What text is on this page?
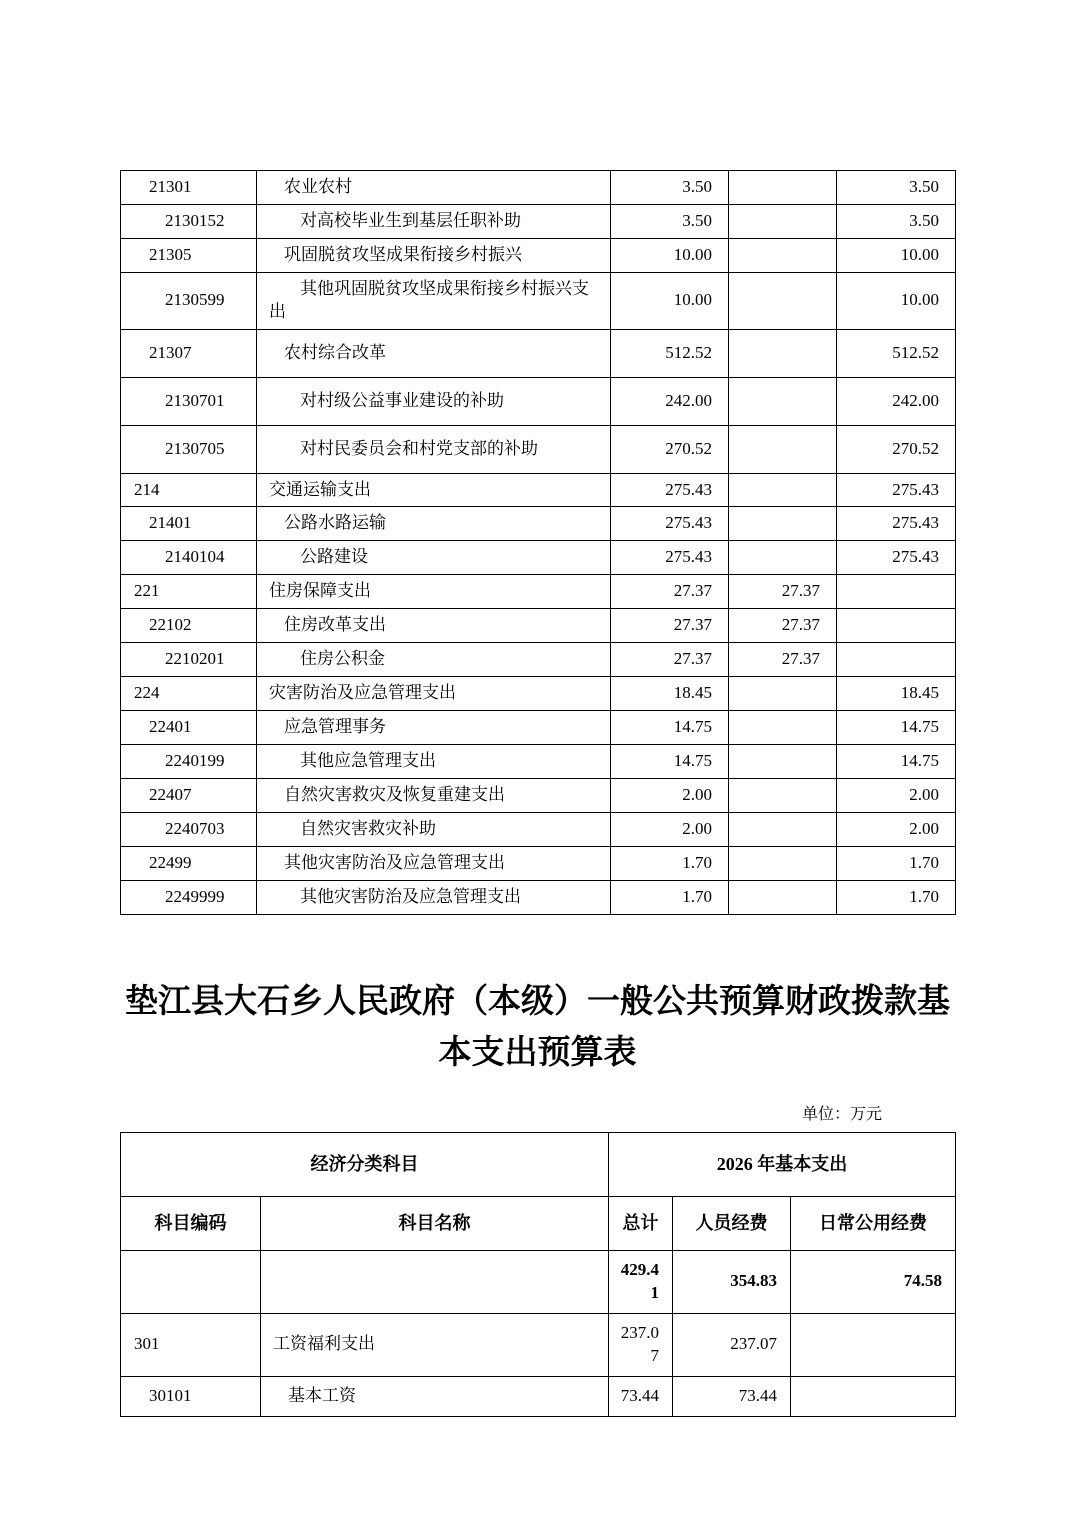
21301	农业农村	3.50		3.50
2130152	对高校毕业生到基层任职补助	3.50		3.50
21305	巩固脱贫攻坚成果衔接乡村振兴	10.00		10.00
2130599	其他巩固脱贫攻坚成果衔接乡村振兴支出	10.00		10.00
21307	农村综合改革	512.52		512.52
2130701	对村级公益事业建设的补助	242.00		242.00
2130705	对村民委员会和村党支部的补助	270.52		270.52
214	交通运输支出	275.43		275.43
21401	公路水路运输	275.43		275.43
2140104	公路建设	275.43		275.43
221	住房保障支出	27.37	27.37	
22102	住房改革支出	27.37	27.37	
2210201	住房公积金	27.37	27.37	
224	灾害防治及应急管理支出	18.45		18.45
22401	应急管理事务	14.75		14.75
2240199	其他应急管理支出	14.75		14.75
22407	自然灾害救灾及恢复重建支出	2.00		2.00
2240703	自然灾害救灾补助	2.00		2.00
22499	其他灾害防治及应急管理支出	1.70		1.70
2249999	其他灾害防治及应急管理支出	1.70		1.70
垫江县大石乡人民政府（本级）一般公共预算财政拨款基本支出预算表
单位：万元
经济分类科目		2026 年基本支出		
科目编码	科目名称	总计	人员经费	日常公用经费
		429.41	354.83	74.58
301	工资福利支出	237.07	237.07	
30101	基本工资	73.44	73.44	
